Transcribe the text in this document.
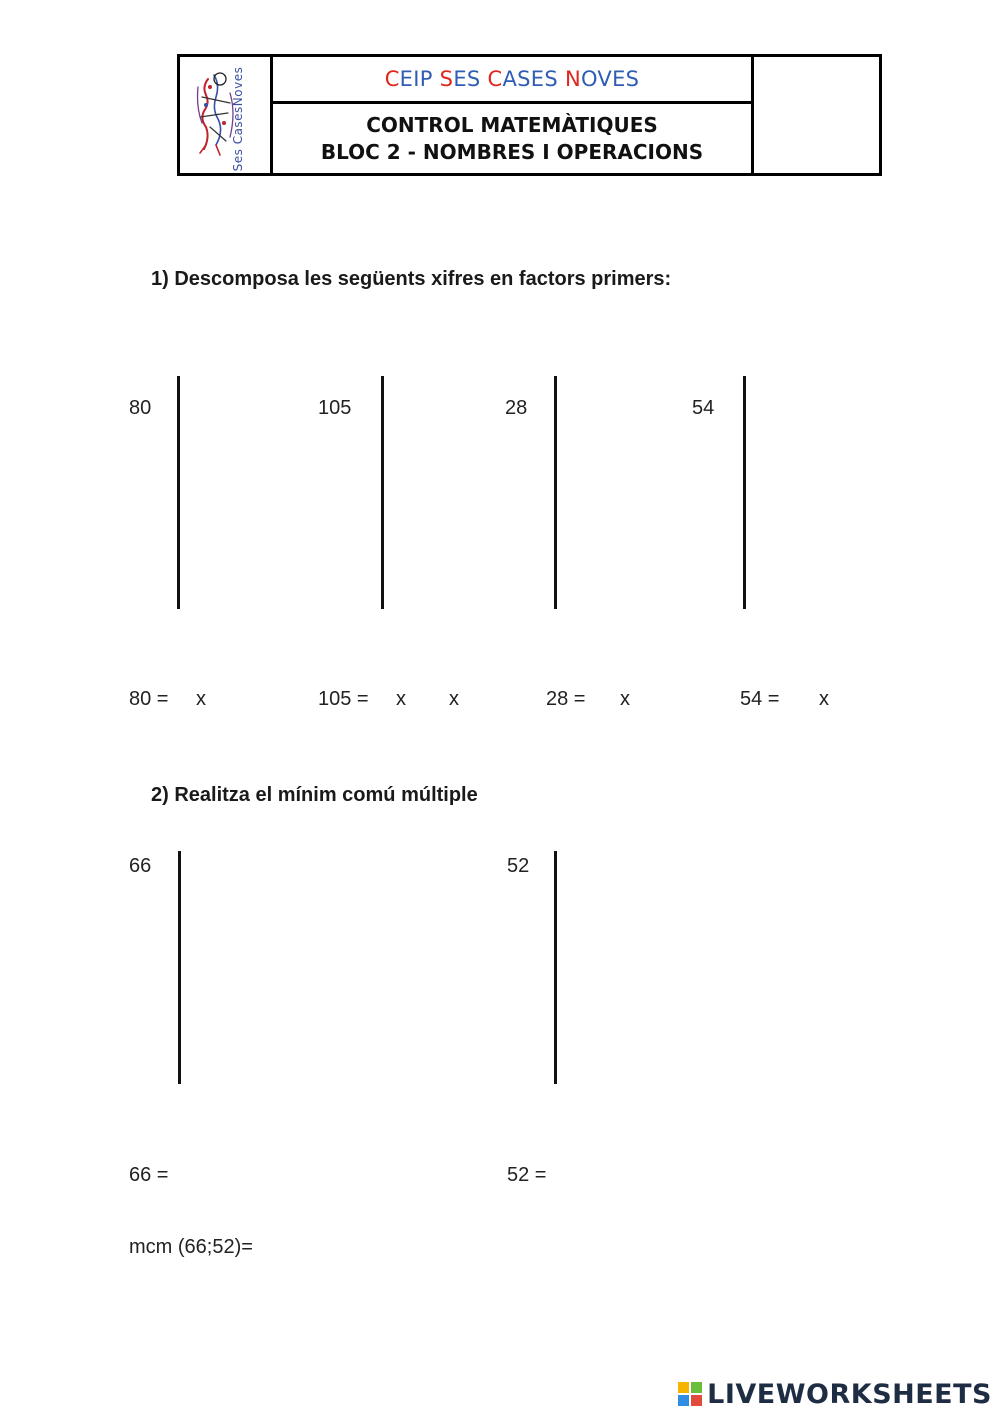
Ses CasesNoves	C EIP S ES C ASES N OVES
CONTROL MATEMÀTIQUES
BLOC 2 - NOMBRES I OPERACIONS
1) Descomposa les següents xifres en factors primers:
80	105	28	54
80 = x	105 = x x	28 = x	54 = x
2) Realitza el mínim comú múltiple
66	52
66 =	52 =
mcm (66;52)=
LIVEWORKSHEETS
